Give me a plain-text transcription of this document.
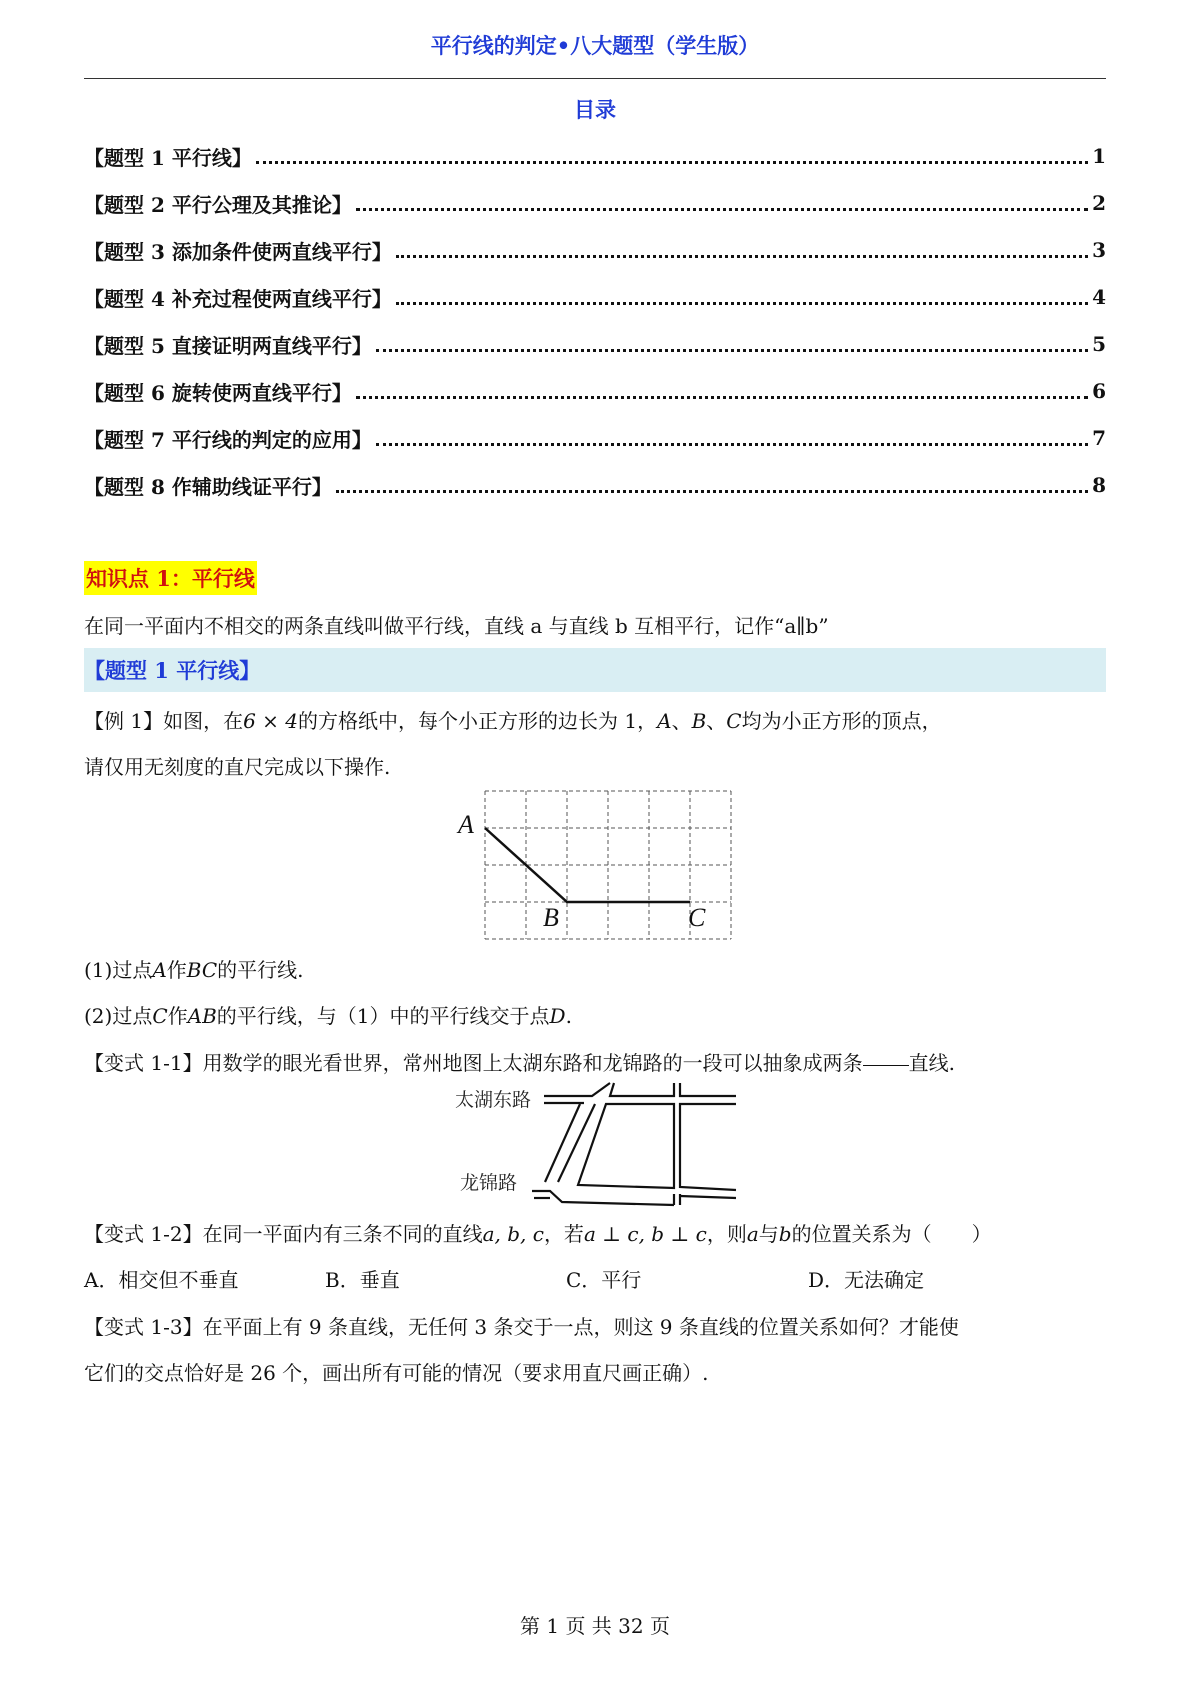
平行线的判定•八大题型（学生版）
目录
【题型 1 平行线】	1
【题型 2 平行公理及其推论】	2
【题型 3 添加条件使两直线平行】	3
【题型 4 补充过程使两直线平行】	4
【题型 5 直接证明两直线平行】	5
【题型 6 旋转使两直线平行】	6
【题型 7 平行线的判定的应用】	7
【题型 8 作辅助线证平行】	8
知识点 1：平行线
在同一平面内不相交的两条直线叫做平行线，直线 a 与直线 b 互相平行，记作“a∥b”
【题型 1 平行线】
【例 1】如图，在6 × 4的方格纸中，每个小正方形的边长为 1，A、B、C均为小正方形的顶点，
请仅用无刻度的直尺完成以下操作.
A
B	C
(1)过点A作BC的平行线.
(2)过点C作AB的平行线，与（1）中的平行线交于点D.
【变式 1-1】用数学的眼光看世界，常州地图上太湖东路和龙锦路的一段可以抽象成两条 直线.
太湖东路
龙锦路
【变式 1-2】在同一平面内有三条不同的直线a, b, c，若a ⊥ c, b ⊥ c，则a与b的位置关系为（　　）
A．相交但不垂直	B．垂直	C．平行	D．无法确定
【变式 1-3】在平面上有 9 条直线，无任何 3 条交于一点，则这 9 条直线的位置关系如何？才能使
它们的交点恰好是 26 个，画出所有可能的情况（要求用直尺画正确）.
第 1 页 共 32 页
